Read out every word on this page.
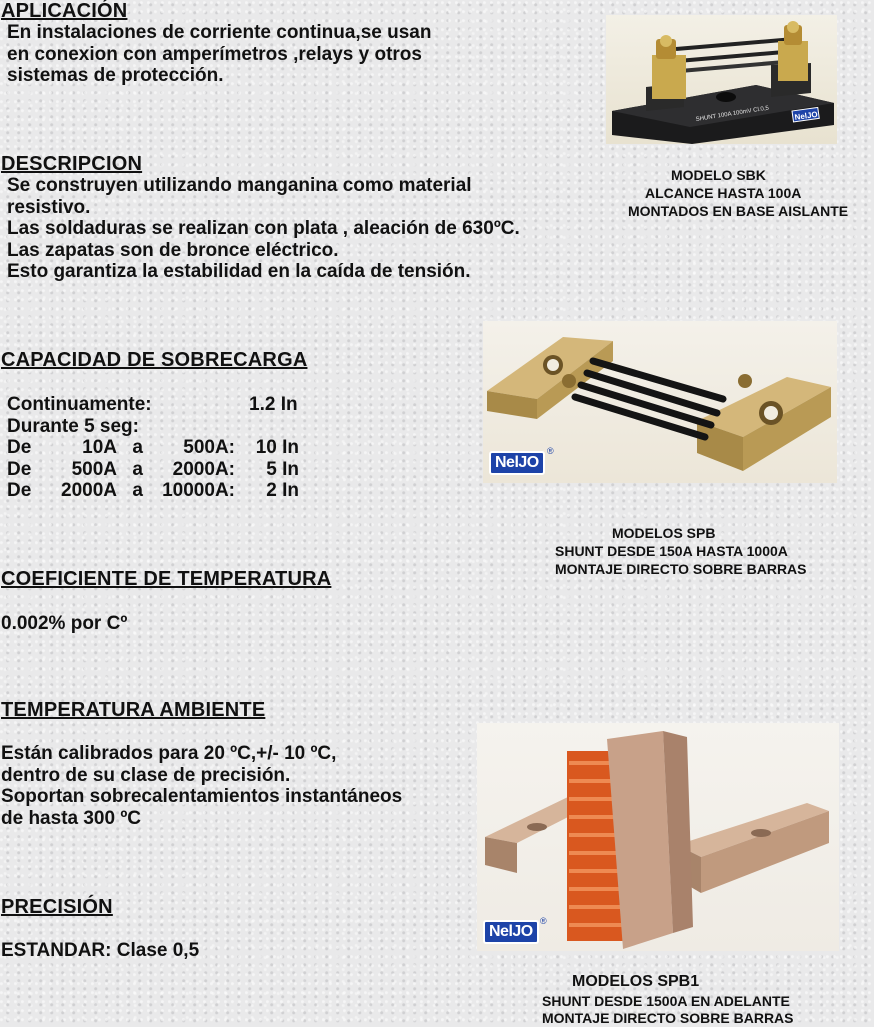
APLICACIÓN
En instalaciones de corriente continua,se usan
en conexion con amperímetros ,relays y otros
sistemas de protección.
DESCRIPCION
Se construyen utilizando manganina como material
resistivo.
Las soldaduras se realizan con plata , aleación de 630ºC.
Las zapatas son de bronce eléctrico.
Esto garantiza la estabilidad en la caída de tensión.
CAPACIDAD DE SOBRECARGA
Continuamente:	1.2 In
Durante 5 seg:
De	10A	a	500A:	10 In
De	500A	a	2000A:	5 In
De	2000A	a	10000A:	2 In
COEFICIENTE DE TEMPERATURA
0.002% por Cº
TEMPERATURA AMBIENTE
Están calibrados para 20 ºC,+/- 10 ºC,
dentro de su clase de precisión.
Soportan sobrecalentamientos instantáneos
de hasta 300 ºC
PRECISIÓN
ESTANDAR: Clase 0,5
SHUNT 100A 100mV Cl.0,5	NelJO
MODELO SBK
ALCANCE HASTA 100A
MONTADOS EN BASE AISLANTE
NelJO
®
MODELOS SPB
SHUNT DESDE 150A HASTA 1000A
MONTAJE DIRECTO SOBRE BARRAS
NelJO
®
MODELOS SPB1
SHUNT DESDE 1500A EN ADELANTE
MONTAJE DIRECTO SOBRE BARRAS
